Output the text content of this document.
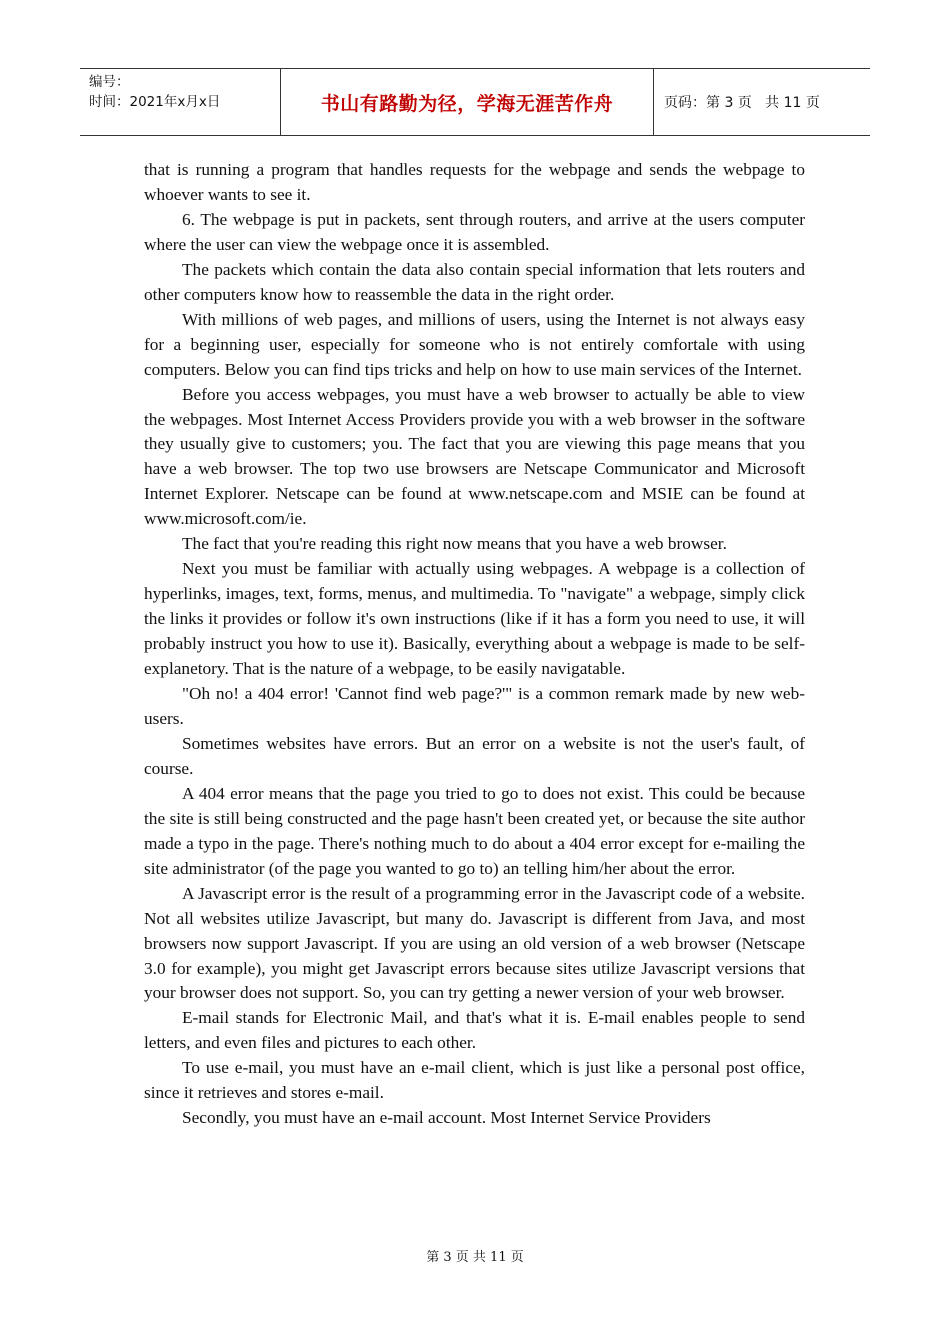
编号：
时间：2021年x月x日	书山有路勤为径，学海无涯苦作舟	页码：第 3 页   共 11 页

that is running a program that handles requests for the webpage and sends the webpage to whoever wants to see it.

6. The webpage is put in packets, sent through routers, and arrive at the users computer where the user can view the webpage once it is assembled.

The packets which contain the data also contain special information that lets routers and other computers know how to reassemble the data in the right order.

With millions of web pages, and millions of users, using the Internet is not always easy for a beginning user, especially for someone who is not entirely comfortale with using computers. Below you can find tips tricks and help on how to use main services of the Internet.

Before you access webpages, you must have a web browser to actually be able to view the webpages. Most Internet Access Providers provide you with a web browser in the software they usually give to customers; you. The fact that you are viewing this page means that you have a web browser. The top two use browsers are Netscape Communicator and Microsoft Internet Explorer. Netscape can be found at www.netscape.com and MSIE can be found at www.microsoft.com/ie.

The fact that you're reading this right now means that you have a web browser.

Next you must be familiar with actually using webpages. A webpage is a collection of hyperlinks, images, text, forms, menus, and multimedia. To "navigate" a webpage, simply click the links it provides or follow it's own instructions (like if it has a form you need to use, it will probably instruct you how to use it). Basically, everything about a webpage is made to be self- explanetory. That is the nature of a webpage, to be easily navigatable.

"Oh no! a 404 error! 'Cannot find web page?'" is a common remark made by new web-users.

Sometimes websites have errors. But an error on a website is not the user's fault, of course.

A 404 error means that the page you tried to go to does not exist. This could be because the site is still being constructed and the page hasn't been created yet, or because the site author made a typo in the page. There's nothing much to do about a 404 error except for e-mailing the site administrator (of the page you wanted to go to) an telling him/her about the error.

A Javascript error is the result of a programming error in the Javascript code of a website. Not all websites utilize Javascript, but many do. Javascript is different from Java, and most browsers now support Javascript. If you are using an old version of a web browser (Netscape 3.0 for example), you might get Javascript errors because sites utilize Javascript versions that your browser does not support. So, you can try getting a newer version of your web browser.

E-mail stands for Electronic Mail, and that's what it is. E-mail enables people to send letters, and even files and pictures to each other.

To use e-mail, you must have an e-mail client, which is just like a personal post office, since it retrieves and stores e-mail.

Secondly, you must have an e-mail account. Most Internet Service Providers

第 3 页 共 11 页
